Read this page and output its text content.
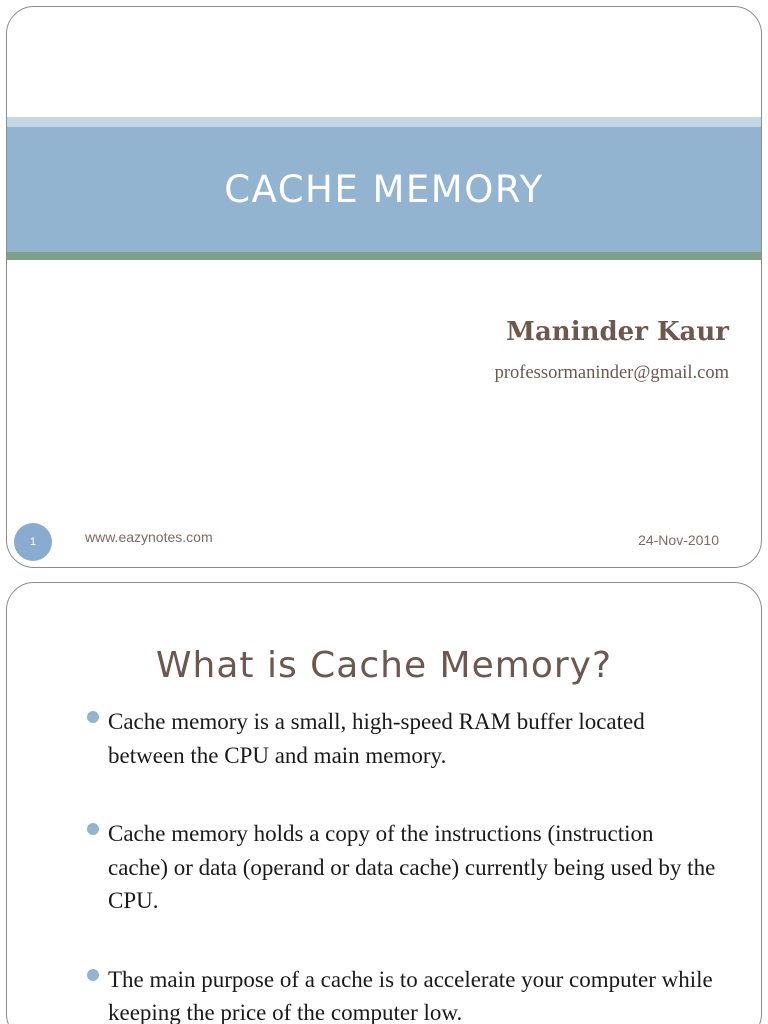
CACHE MEMORY
Maninder Kaur
professormaninder@gmail.com
1	www.eazynotes.com	24-Nov-2010
What is Cache Memory?
Cache memory is a small, high-speed RAM buffer located between the CPU and main memory.
Cache memory holds a copy of the instructions (instruction cache) or data (operand or data cache) currently being used by the CPU.
The main purpose of a cache is to accelerate your computer while keeping the price of the computer low.
